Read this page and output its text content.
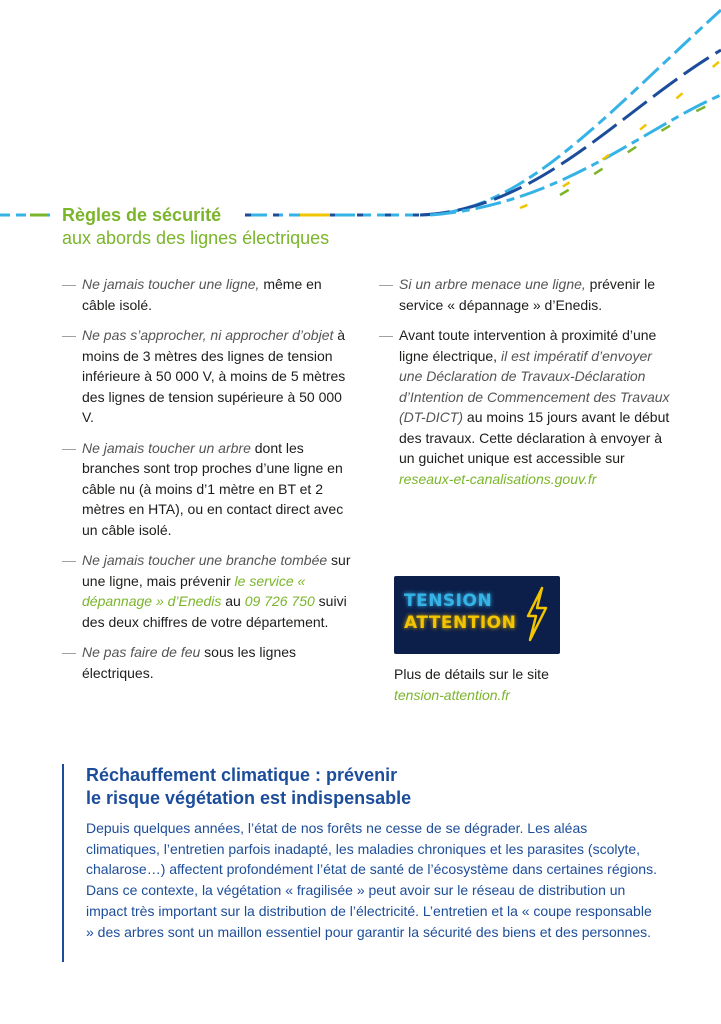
Règles de sécurité

aux abords des lignes électriques

— Ne jamais toucher une ligne, même en câble isolé.
— Ne pas s’approcher, ni approcher d’objet à moins de 3 mètres des lignes de tension inférieure à 50 000 V, à moins de 5 mètres des lignes de tension supérieure à 50 000 V.
— Ne jamais toucher un arbre dont les branches sont trop proches d’une ligne en câble nu (à moins d’1 mètre en BT et 2 mètres en HTA), ou en contact direct avec un câble isolé.
— Ne jamais toucher une branche tombée sur une ligne, mais prévenir le service « dépannage » d’Enedis au 09 726 750 suivi des deux chiffres de votre département.
— Ne pas faire de feu sous les lignes électriques.
— Si un arbre menace une ligne, prévenir le service « dépannage » d’Enedis.
— Avant toute intervention à proximité d’une ligne électrique, il est impératif d’envoyer une Déclaration de Travaux-Déclaration d’Intention de Commencement des Travaux (DT-DICT) au moins 15 jours avant le début des travaux. Cette déclaration à envoyer à un guichet unique est accessible sur reseaux-et-canalisations.gouv.fr
TENSION
ATTENTION
Plus de détails sur le site
tension-attention.fr
Réchauffement climatique : prévenir
le risque végétation est indispensable

Depuis quelques années, l’état de nos forêts ne cesse de se dégrader. Les aléas climatiques, l’entretien parfois inadapté, les maladies chroniques et les parasites (scolyte, chalarose…) affectent profondément l’état de santé de l’écosystème dans certaines régions. Dans ce contexte, la végétation « fragilisée » peut avoir sur le réseau de distribution un impact très important sur la distribution de l’électricité. L’entretien et la « coupe responsable » des arbres sont un maillon essentiel pour garantir la sécurité des biens et des personnes.
